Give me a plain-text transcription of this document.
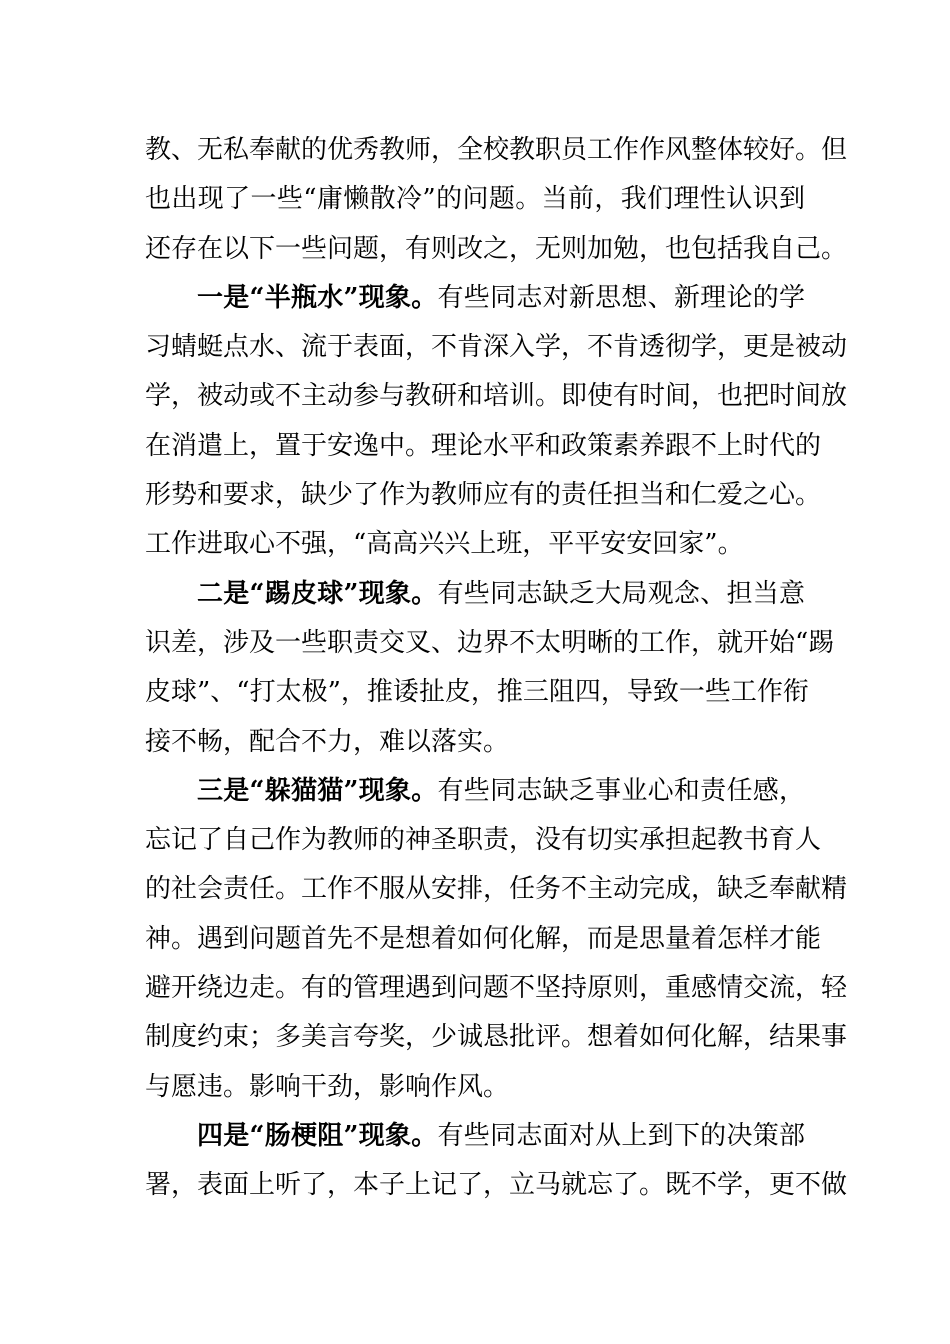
教、无私奉献的优秀教师，全校教职员工作作风整体较好。但
也出现了一些“庸懒散冷”的问题。当前，我们理性认识到
还存在以下一些问题，有则改之，无则加勉，也包括我自己。
一是“半瓶水”现象。有些同志对新思想、新理论的学
习蜻蜓点水、流于表面，不肯深入学，不肯透彻学，更是被动
学，被动或不主动参与教研和培训。即使有时间，也把时间放
在消遣上，置于安逸中。理论水平和政策素养跟不上时代的
形势和要求，缺少了作为教师应有的责任担当和仁爱之心。
工作进取心不强，“高高兴兴上班，平平安安回家”。
二是“踢皮球”现象。有些同志缺乏大局观念、担当意
识差，涉及一些职责交叉、边界不太明晰的工作，就开始“踢
皮球”、“打太极”，推诿扯皮，推三阻四，导致一些工作衔
接不畅，配合不力，难以落实。
三是“躲猫猫”现象。有些同志缺乏事业心和责任感，
忘记了自己作为教师的神圣职责，没有切实承担起教书育人
的社会责任。工作不服从安排，任务不主动完成，缺乏奉献精
神。遇到问题首先不是想着如何化解，而是思量着怎样才能
避开绕边走。有的管理遇到问题不坚持原则，重感情交流，轻
制度约束；多美言夸奖，少诚恳批评。想着如何化解，结果事
与愿违。影响干劲，影响作风。
四是“肠梗阻”现象。有些同志面对从上到下的决策部
署，表面上听了，本子上记了，立马就忘了。既不学，更不做
